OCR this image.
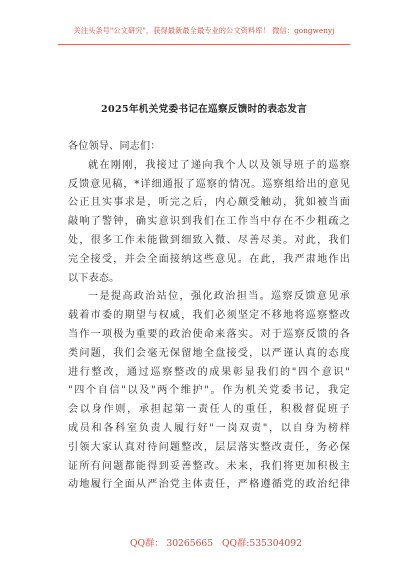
关注头条号"公文研究"，获得最新最全最专业的公文资料库！ 微信：gongwenyj
2025年机关党委书记在巡察反馈时的表态发言
各位领导、同志们：
就在刚刚，我接过了递向我个人以及领导班子的巡察
反馈意见稿，*详细通报了巡察的情况。巡察组给出的意见
公正且实事求是，听完之后，内心颇受触动，犹如被当面
敲响了警钟，确实意识到我们在工作当中存在不少粗疏之
处，很多工作未能做到细致入微、尽善尽美。对此，我们
完全接受，并会全面接纳这些意见。在此，我严肃地作出
以下表态。
一是提高政治站位，强化政治担当。巡察反馈意见承
载着市委的期望与权威，我们必须坚定不移地将巡察整改
当作一项极为重要的政治使命来落实。对于巡察反馈的各
类问题，我们会毫无保留地全盘接受，以严谨认真的态度
进行整改，通过巡察整改的成果彰显我们的"四个意识"
"四个自信"以及"两个维护"。作为机关党委书记，我定
会以身作则，承担起第一责任人的重任，积极督促班子
成员和各科室负责人履行好"一岗双责"，以自身为榜样
引领大家认真对待问题整改，层层落实整改责任，务必保
证所有问题都能得到妥善整改。未来，我们将更加积极主
动地履行全面从严治党主体责任，严格遵循党的政治纪律
QQ群： 30265665 QQ群:535304092
